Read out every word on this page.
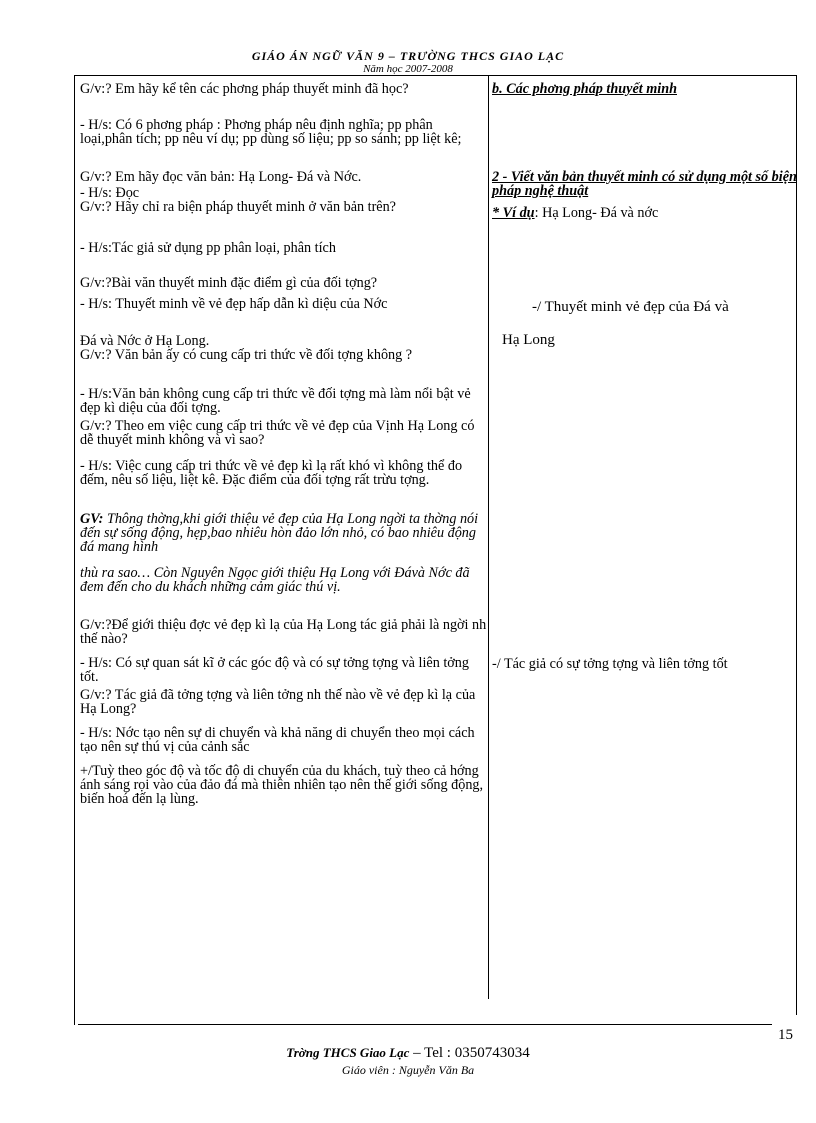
GIÁO ÁN NGỮ VĂN 9 – TRƯỜNG THCS GIAO LẠC
Năm học 2007-2008

G/v:? Em hãy kể tên các phơng pháp thuyết minh đã học?

- H/s: Có 6 phơng pháp : Phơng pháp nêu định nghĩa; pp phân loại,phân tích; pp nêu ví dụ; pp dùng số liệu; pp so sánh; pp liệt kê;

G/v:? Em hãy đọc văn bản: Hạ Long- Đá và Nớc.

- H/s: Đọc

G/v:? Hãy chỉ ra biện pháp thuyết minh ở văn bản trên?

- H/s:Tác giả sử dụng pp phân loại, phân tích

G/v:?Bài văn thuyết minh đặc điểm gì của đối tợng?

- H/s: Thuyết minh về vẻ đẹp hấp dẫn kì diệu của Nớc

Đá và Nớc ở Hạ Long.

G/v:? Văn bản ấy có cung cấp tri thức về đối tợng không ?

- H/s:Văn bản không cung cấp tri thức về đối tợng mà làm nổi bật vẻ đẹp kì diệu của đối tợng.

G/v:? Theo em việc cung cấp tri thức về vẻ đẹp của Vịnh Hạ Long có dễ thuyết minh không và vì sao?

- H/s: Việc cung cấp tri thức về vẻ đẹp kì lạ rất khó vì không thể đo đếm, nêu số liệu, liệt kê. Đặc điểm của đối tợng rất trừu tợng.

GV: Thông thờng,khi giới thiệu vẻ đẹp của Hạ Long ngời ta thờng nói đến sự sống động, hẹp,bao nhiêu hòn đảo lớn nhỏ, có bao nhiêu động đá mang hình

thù ra sao… Còn Nguyên Ngọc giới thiệu Hạ Long với Đávà Nớc đã đem đến cho du khách những cảm giác thú vị.

G/v:?Để giới thiệu đợc vẻ đẹp kì lạ của Hạ Long tác giả phải là ngời nh thế nào?

- H/s: Có sự quan sát kĩ ở các góc độ và có sự tởng tợng và liên tởng tốt.

G/v:? Tác giả đã tởng tợng và liên tởng nh thế nào về vẻ đẹp kì lạ của Hạ Long?

- H/s: Nớc tạo nên sự di chuyển và khả năng di chuyển theo mọi cách tạo nên sự thú vị của cảnh sắc

+/Tuỳ theo góc độ và tốc độ di chuyển của du khách, tuỳ theo cả hớng ánh sáng rọi vào của đảo đá mà thiên nhiên tạo nên thế giới sống động, biến hoá đến lạ lùng.

b. Các phơng pháp thuyết minh

2 - Viết văn bản thuyết minh có sử dụng một số biện pháp nghệ thuật

* Ví dụ: Hạ Long- Đá và nớc

-/ Thuyết minh vẻ đẹp của Đá và

Hạ Long

-/ Tác giả có sự tởng tợng và liên tởng tốt

15
Trờng THCS Giao Lạc – Tel : 0350743034
Giáo viên : Nguyễn Văn Ba
